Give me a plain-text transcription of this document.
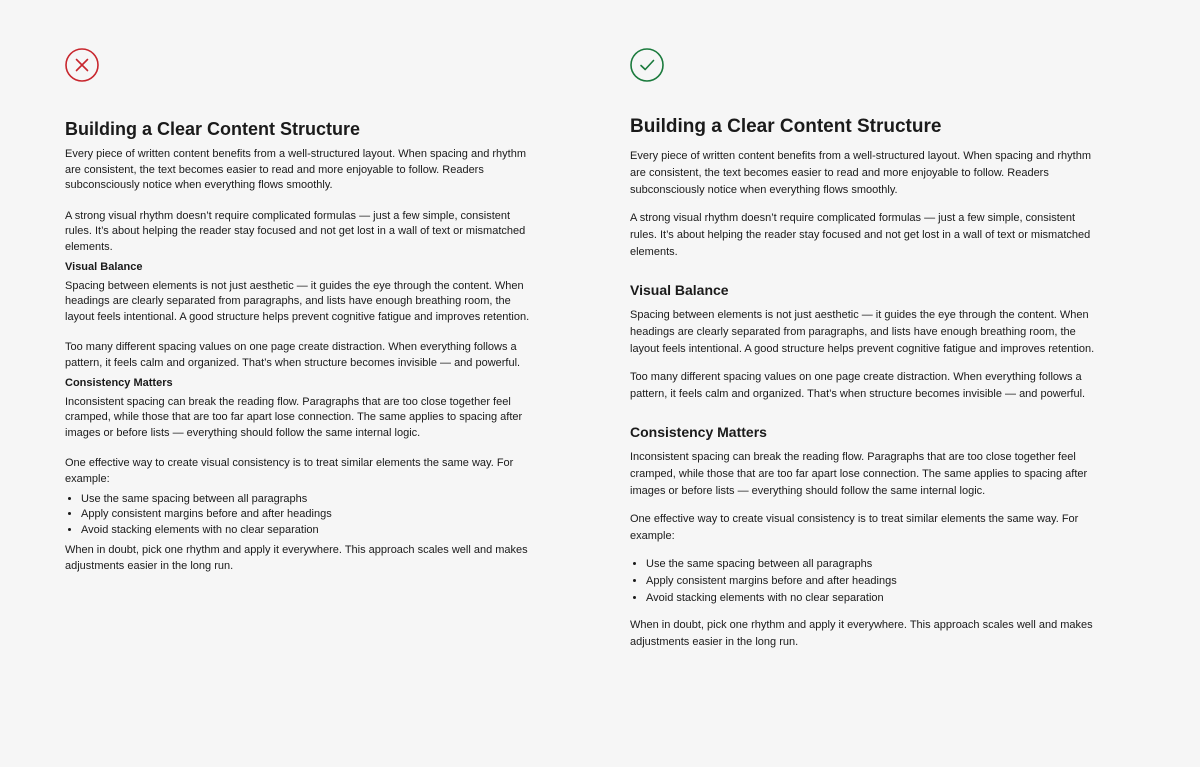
Building a Clear Content Structure

Every piece of written content benefits from a well-structured layout. When spacing and rhythm are consistent, the text becomes easier to read and more enjoyable to follow. Readers subconsciously notice when everything flows smoothly.

A strong visual rhythm doesn’t require complicated formulas — just a few simple, consistent rules. It’s about helping the reader stay focused and not get lost in a wall of text or mismatched elements.

Visual Balance

Spacing between elements is not just aesthetic — it guides the eye through the content. When headings are clearly separated from paragraphs, and lists have enough breathing room, the layout feels intentional. A good structure helps prevent cognitive fatigue and improves retention.

Too many different spacing values on one page create distraction. When everything follows a pattern, it feels calm and organized. That’s when structure becomes invisible — and powerful.

Consistency Matters

Inconsistent spacing can break the reading flow. Paragraphs that are too close together feel cramped, while those that are too far apart lose connection. The same applies to spacing after images or before lists — everything should follow the same internal logic.

One effective way to create visual consistency is to treat similar elements the same way. For example:

• Use the same spacing between all paragraphs
• Apply consistent margins before and after headings
• Avoid stacking elements with no clear separation

When in doubt, pick one rhythm and apply it everywhere. This approach scales well and makes adjustments easier in the long run.

Building a Clear Content Structure

Every piece of written content benefits from a well-structured layout. When spacing and rhythm are consistent, the text becomes easier to read and more enjoyable to follow. Readers subconsciously notice when everything flows smoothly.

A strong visual rhythm doesn’t require complicated formulas — just a few simple, consistent rules. It’s about helping the reader stay focused and not get lost in a wall of text or mismatched elements.

Visual Balance

Spacing between elements is not just aesthetic — it guides the eye through the content. When headings are clearly separated from paragraphs, and lists have enough breathing room, the layout feels intentional. A good structure helps prevent cognitive fatigue and improves retention.

Too many different spacing values on one page create distraction. When everything follows a pattern, it feels calm and organized. That’s when structure becomes invisible — and powerful.

Consistency Matters

Inconsistent spacing can break the reading flow. Paragraphs that are too close together feel cramped, while those that are too far apart lose connection. The same applies to spacing after images or before lists — everything should follow the same internal logic.

One effective way to create visual consistency is to treat similar elements the same way. For example:

• Use the same spacing between all paragraphs
• Apply consistent margins before and after headings
• Avoid stacking elements with no clear separation

When in doubt, pick one rhythm and apply it everywhere. This approach scales well and makes adjustments easier in the long run.
